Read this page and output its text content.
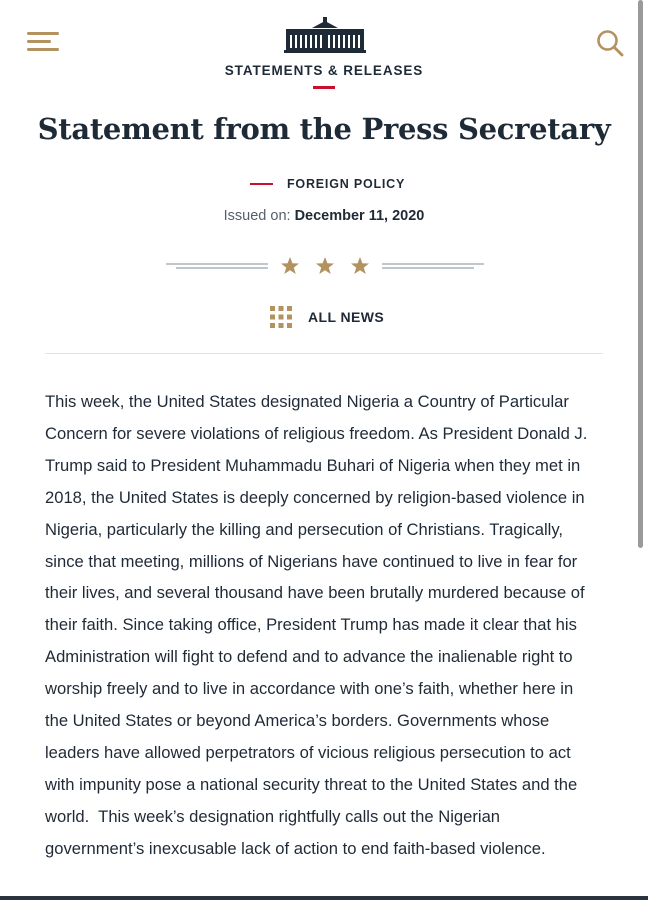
STATEMENTS & RELEASES
Statement from the Press Secretary
FOREIGN POLICY
Issued on: December 11, 2020
ALL NEWS
This week, the United States designated Nigeria a Country of Particular
Concern for severe violations of religious freedom. As President Donald J.
Trump said to President Muhammadu Buhari of Nigeria when they met in
2018, the United States is deeply concerned by religion-based violence in
Nigeria, particularly the killing and persecution of Christians. Tragically,
since that meeting, millions of Nigerians have continued to live in fear for
their lives, and several thousand have been brutally murdered because of
their faith. Since taking office, President Trump has made it clear that his
Administration will fight to defend and to advance the inalienable right to
worship freely and to live in accordance with one’s faith, whether here in
the United States or beyond America’s borders. Governments whose
leaders have allowed perpetrators of vicious religious persecution to act
with impunity pose a national security threat to the United States and the
world.  This week’s designation rightfully calls out the Nigerian
government’s inexcusable lack of action to end faith-based violence.
